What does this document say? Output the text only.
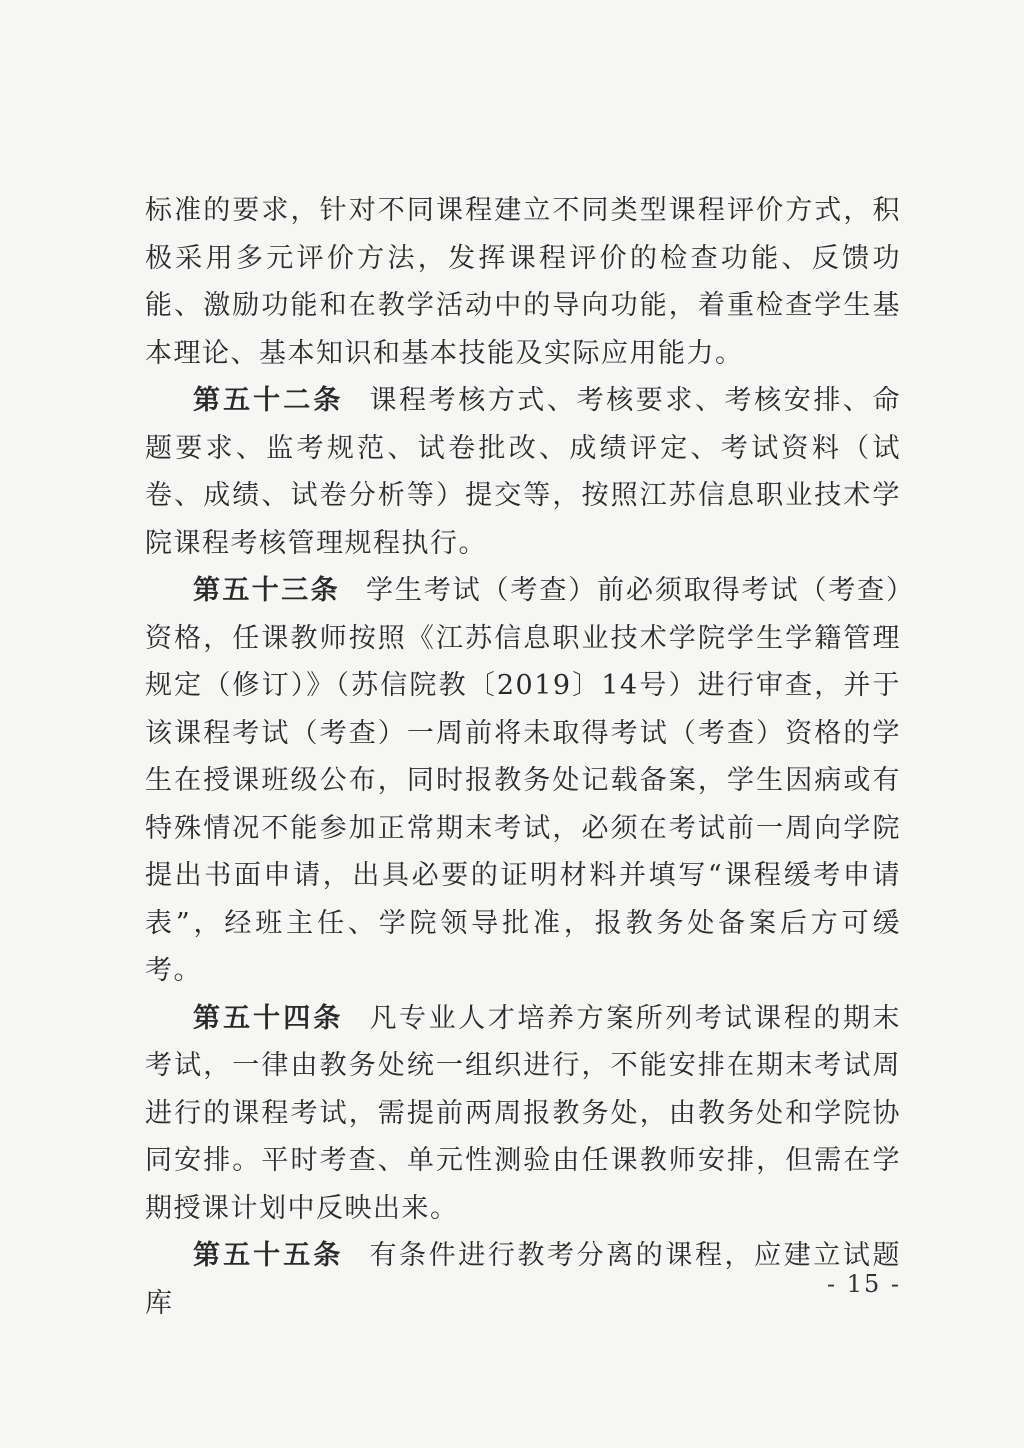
标准的要求，针对不同课程建立不同类型课程评价方式，积极采用多元评价方法，发挥课程评价的检查功能、反馈功能、激励功能和在教学活动中的导向功能，着重检查学生基本理论、基本知识和基本技能及实际应用能力。

第五十二条 课程考核方式、考核要求、考核安排、命题要求、监考规范、试卷批改、成绩评定、考试资料（试卷、成绩、试卷分析等）提交等，按照江苏信息职业技术学院课程考核管理规程执行。

第五十三条 学生考试（考查）前必须取得考试（考查）资格，任课教师按照《江苏信息职业技术学院学生学籍管理规定（修订）》（苏信院教〔2019〕14号）进行审查，并于该课程考试（考查）一周前将未取得考试（考查）资格的学生在授课班级公布，同时报教务处记载备案，学生因病或有特殊情况不能参加正常期末考试，必须在考试前一周向学院提出书面申请，出具必要的证明材料并填写“课程缓考申请表”，经班主任、学院领导批准，报教务处备案后方可缓考。

第五十四条 凡专业人才培养方案所列考试课程的期末考试，一律由教务处统一组织进行，不能安排在期末考试周进行的课程考试，需提前两周报教务处，由教务处和学院协同安排。平时考查、单元性测验由任课教师安排，但需在学期授课计划中反映出来。

第五十五条 有条件进行教考分离的课程，应建立试题库

- 15 -
